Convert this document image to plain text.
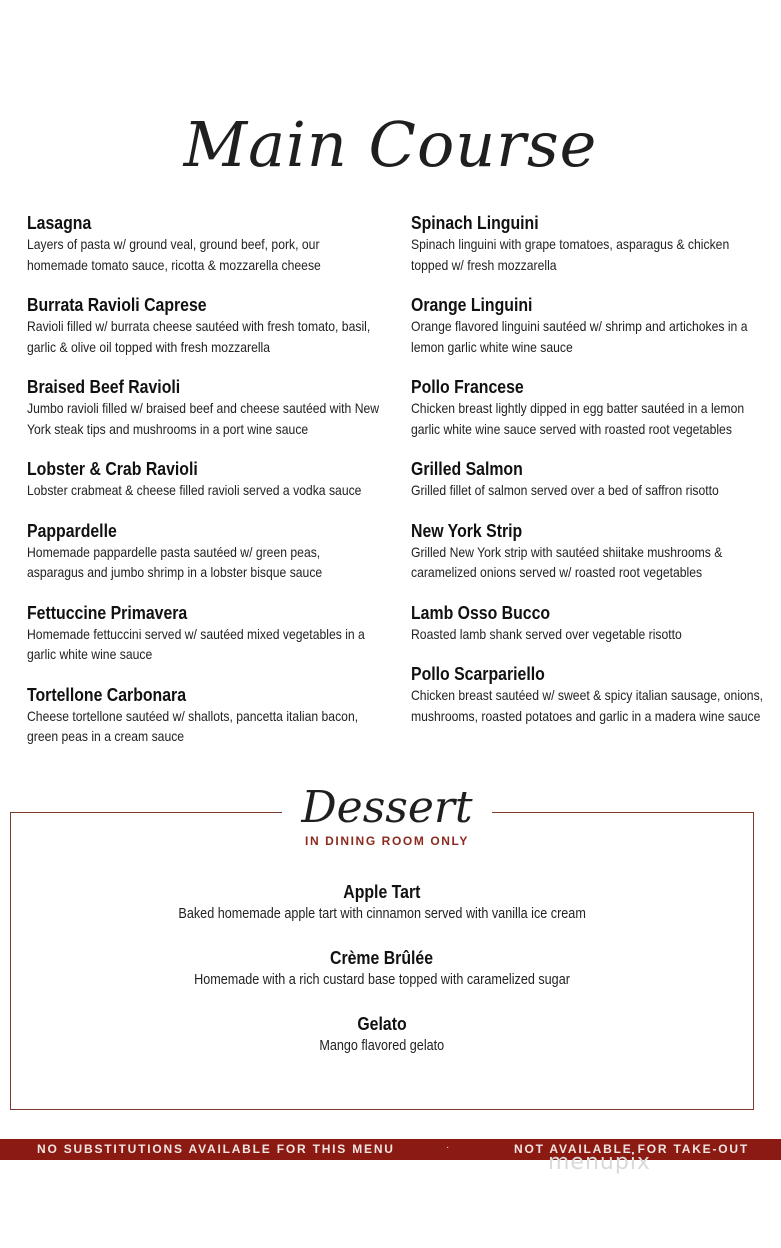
Main Course
Lasagna
Layers of pasta w/ ground veal, ground beef, pork, our homemade tomato sauce, ricotta & mozzarella cheese
Burrata Ravioli Caprese
Ravioli filled w/ burrata cheese sautéed with fresh tomato, basil, garlic & olive oil topped with fresh mozzarella
Braised Beef Ravioli
Jumbo ravioli filled w/ braised beef and cheese sautéed with New York steak tips and mushrooms in a port wine sauce
Lobster & Crab Ravioli
Lobster crabmeat & cheese filled ravioli served a vodka sauce
Pappardelle
Homemade pappardelle pasta sautéed w/ green peas, asparagus and jumbo shrimp in a lobster bisque sauce
Fettuccine Primavera
Homemade fettuccini served w/ sautéed mixed vegetables in a garlic white wine sauce
Tortellone Carbonara
Cheese tortellone sautéed w/ shallots, pancetta italian bacon, green peas in a cream sauce
Spinach Linguini
Spinach linguini with grape tomatoes, asparagus & chicken topped w/ fresh mozzarella
Orange Linguini
Orange flavored linguini sautéed w/ shrimp and artichokes in a lemon garlic white wine sauce
Pollo Francese
Chicken breast lightly dipped in egg batter sautéed in a lemon garlic white wine sauce served with roasted root vegetables
Grilled Salmon
Grilled fillet of salmon served over a bed of saffron risotto
New York Strip
Grilled New York strip with sautéed shiitake mushrooms & caramelized onions served w/ roasted root vegetables
Lamb Osso Bucco
Roasted lamb shank served over vegetable risotto
Pollo Scarpariello
Chicken breast sautéed w/ sweet & spicy italian sausage, onions, mushrooms, roasted potatoes and garlic in a madera wine sauce
Dessert
IN DINING ROOM ONLY
Apple Tart
Baked homemade apple tart with cinnamon served with vanilla ice cream
Crème Brûlée
Homemade with a rich custard base topped with caramelized sugar
Gelato
Mango flavored gelato
NO SUBSTITUTIONS AVAILABLE FOR THIS MENU	·	NOT AVAILABLE FOR TAKE-OUT
menupix
